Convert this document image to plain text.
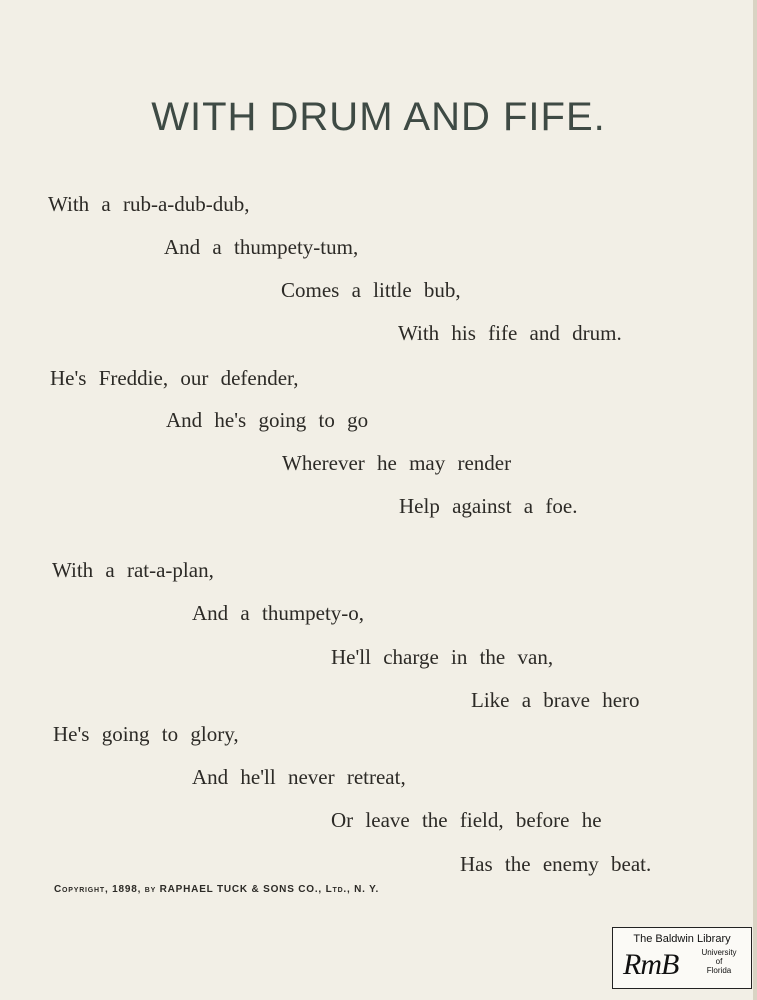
WITH DRUM AND FIFE.
With a rub-a-dub-dub,
And a thumpety-tum,
Comes a little bub,
With his fife and drum.
He's Freddie, our defender,
And he's going to go
Wherever he may render
Help against a foe.
With a rat-a-plan,
And a thumpety-o,
He'll charge in the van,
Like a brave hero
He's going to glory,
And he'll never retreat,
Or leave the field, before he
Has the enemy beat.
Copyright, 1898, by RAPHAEL TUCK & SONS CO., Ltd., N. Y.
The Baldwin Library
RmB	University
of
Florida
